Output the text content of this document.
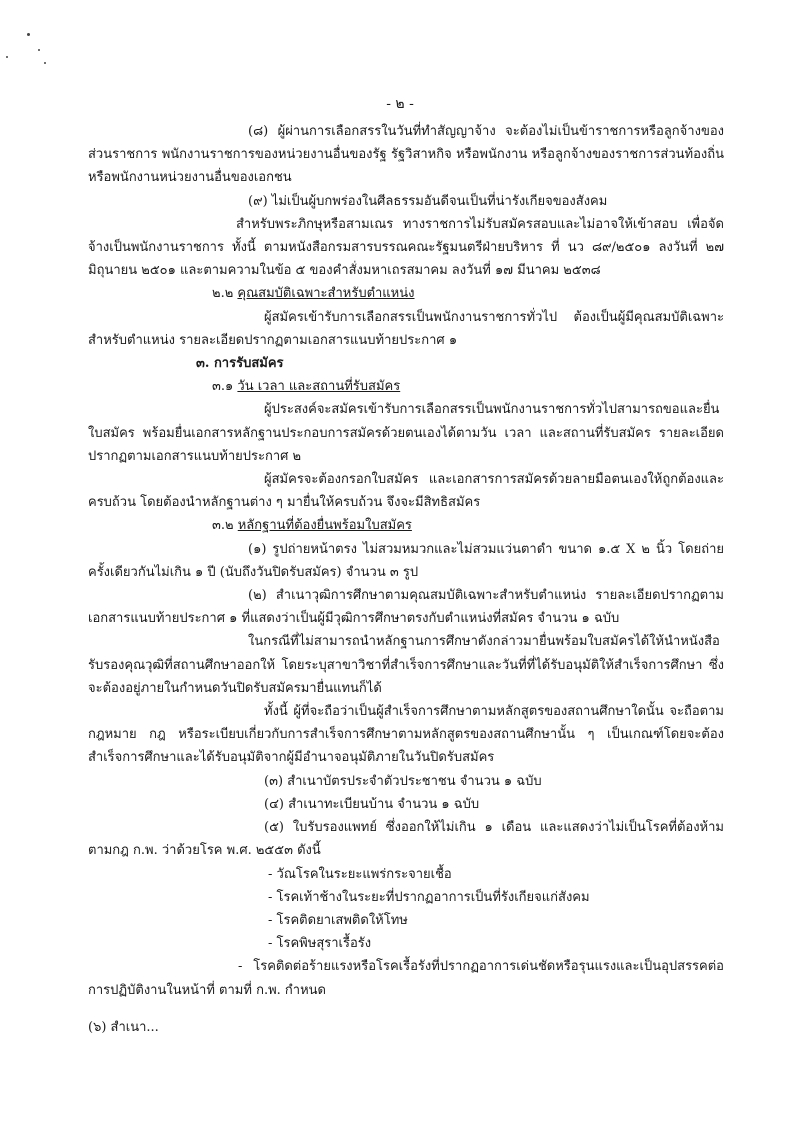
- ๒ -

(๘) ผู้ผ่านการเลือกสรรในวันที่ทำสัญญาจ้าง จะต้องไม่เป็นข้าราชการหรือลูกจ้างของส่วนราชการ พนักงานราชการของหน่วยงานอื่นของรัฐ รัฐวิสาหกิจ หรือพนักงาน หรือลูกจ้างของราชการส่วนท้องถิ่น หรือพนักงานหน่วยงานอื่นของเอกชน

(๙) ไม่เป็นผู้บกพร่องในศีลธรรมอันดีจนเป็นที่น่ารังเกียจของสังคม

สำหรับพระภิกษุหรือสามเณร ทางราชการไม่รับสมัครสอบและไม่อาจให้เข้าสอบ เพื่อจัดจ้างเป็นพนักงานราชการ ทั้งนี้ ตามหนังสือกรมสารบรรณคณะรัฐมนตรีฝ่ายบริหาร ที่ นว ๘๙/๒๕๐๑ ลงวันที่ ๒๗ มิถุนายน ๒๕๐๑ และตามความในข้อ ๕ ของคำสั่งมหาเถรสมาคม ลงวันที่ ๑๗ มีนาคม ๒๕๓๘

๒.๒ คุณสมบัติเฉพาะสำหรับตำแหน่ง

ผู้สมัครเข้ารับการเลือกสรรเป็นพนักงานราชการทั่วไป ต้องเป็นผู้มีคุณสมบัติเฉพาะสำหรับตำแหน่ง รายละเอียดปรากฏตามเอกสารแนบท้ายประกาศ ๑

๓. การรับสมัคร

๓.๑ วัน เวลา และสถานที่รับสมัคร

ผู้ประสงค์จะสมัครเข้ารับการเลือกสรรเป็นพนักงานราชการทั่วไปสามารถขอและยื่นใบสมัคร พร้อมยื่นเอกสารหลักฐานประกอบการสมัครด้วยตนเองได้ตามวัน เวลา และสถานที่รับสมัคร รายละเอียดปรากฏตามเอกสารแนบท้ายประกาศ ๒

ผู้สมัครจะต้องกรอกใบสมัคร และเอกสารการสมัครด้วยลายมือตนเองให้ถูกต้องและครบถ้วน โดยต้องนำหลักฐานต่าง ๆ มายื่นให้ครบถ้วน จึงจะมีสิทธิสมัคร

๓.๒ หลักฐานที่ต้องยื่นพร้อมใบสมัคร

(๑) รูปถ่ายหน้าตรง ไม่สวมหมวกและไม่สวมแว่นตาดำ ขนาด ๑.๕ X ๒ นิ้ว โดยถ่ายครั้งเดียวกันไม่เกิน ๑ ปี (นับถึงวันปิดรับสมัคร) จำนวน ๓ รูป

(๒) สำเนาวุฒิการศึกษาตามคุณสมบัติเฉพาะสำหรับตำแหน่ง รายละเอียดปรากฏตามเอกสารแนบท้ายประกาศ ๑ ที่แสดงว่าเป็นผู้มีวุฒิการศึกษาตรงกับตำแหน่งที่สมัคร จำนวน ๑ ฉบับ

ในกรณีที่ไม่สามารถนำหลักฐานการศึกษาดังกล่าวมายื่นพร้อมใบสมัครได้ให้นำหนังสือรับรองคุณวุฒิที่สถานศึกษาออกให้ โดยระบุสาขาวิชาที่สำเร็จการศึกษาและวันที่ที่ได้รับอนุมัติให้สำเร็จการศึกษา ซึ่งจะต้องอยู่ภายในกำหนดวันปิดรับสมัครมายื่นแทนก็ได้

ทั้งนี้ ผู้ที่จะถือว่าเป็นผู้สำเร็จการศึกษาตามหลักสูตรของสถานศึกษาใดนั้น จะถือตามกฎหมาย กฎ หรือระเบียบเกี่ยวกับการสำเร็จการศึกษาตามหลักสูตรของสถานศึกษานั้น ๆ เป็นเกณฑ์โดยจะต้องสำเร็จการศึกษาและได้รับอนุมัติจากผู้มีอำนาจอนุมัติภายในวันปิดรับสมัคร

(๓) สำเนาบัตรประจำตัวประชาชน จำนวน ๑ ฉบับ

(๔) สำเนาทะเบียนบ้าน จำนวน ๑ ฉบับ

(๕) ใบรับรองแพทย์ ซึ่งออกให้ไม่เกิน ๑ เดือน และแสดงว่าไม่เป็นโรคที่ต้องห้ามตามกฎ ก.พ. ว่าด้วยโรค พ.ศ. ๒๕๕๓ ดังนี้

- วัณโรคในระยะแพร่กระจายเชื้อ

- โรคเท้าช้างในระยะที่ปรากฏอาการเป็นที่รังเกียจแก่สังคม

- โรคติดยาเสพติดให้โทษ

- โรคพิษสุราเรื้อรัง

- โรคติดต่อร้ายแรงหรือโรคเรื้อรังที่ปรากฏอาการเด่นชัดหรือรุนแรงและเป็นอุปสรรคต่อการปฏิบัติงานในหน้าที่ ตามที่ ก.พ. กำหนด

(๖) สำเนา...
